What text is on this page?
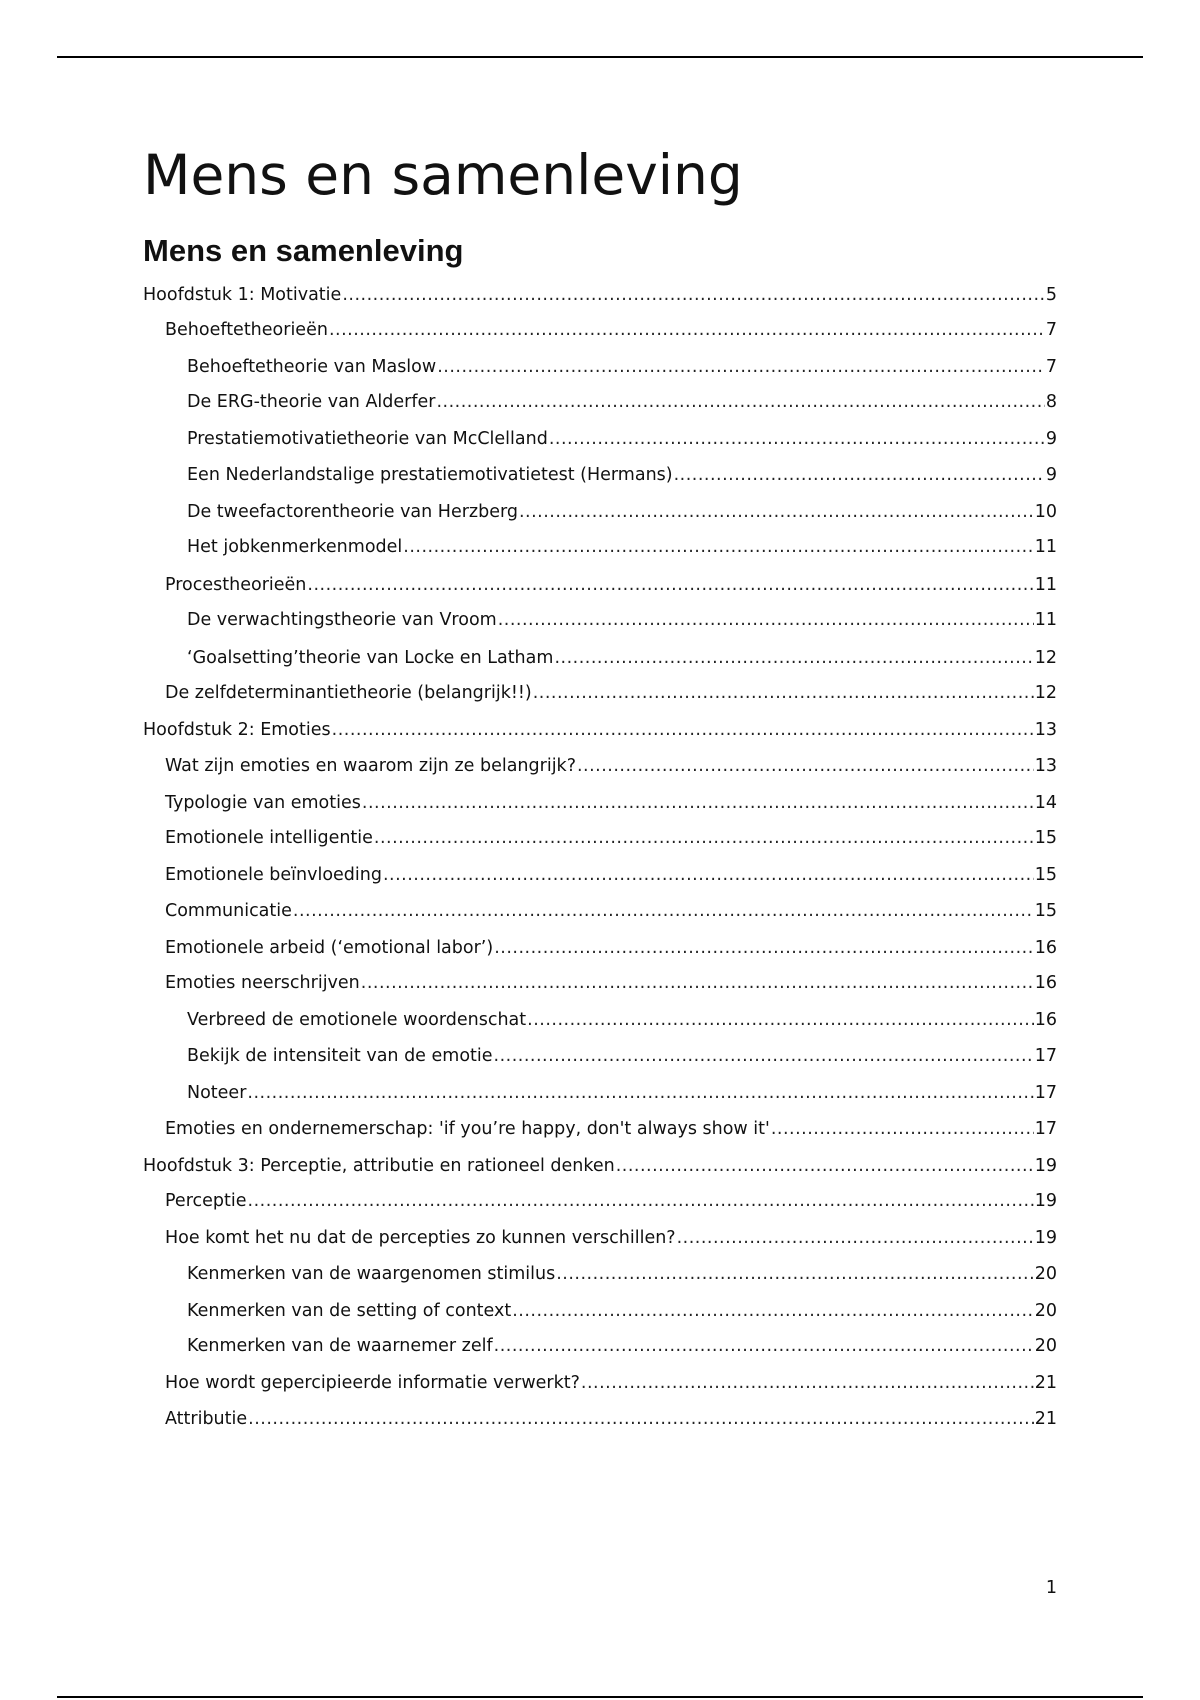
Mens en samenleving
Mens en samenleving
Hoofdstuk 1: Motivatie .....	5
Behoeftetheorieën .....	7
Behoeftetheorie van Maslow .....	7
De ERG-theorie van Alderfer .....	8
Prestatiemotivatietheorie van McClelland .....	9
Een Nederlandstalige prestatiemotivatietest (Hermans) .....	9
De tweefactorentheorie van Herzberg .....	10
Het jobkenmerkenmodel .....	11
Procestheorieën .....	11
De verwachtingstheorie van Vroom .....	11
‘Goalsetting’theorie van Locke en Latham .....	12
De zelfdeterminantietheorie (belangrijk!!) .....	12
Hoofdstuk 2: Emoties .....	13
Wat zijn emoties en waarom zijn ze belangrijk? .....	13
Typologie van emoties .....	14
Emotionele intelligentie .....	15
Emotionele beïnvloeding .....	15
Communicatie .....	15
Emotionele arbeid (‘emotional labor’) .....	16
Emoties neerschrijven .....	16
Verbreed de emotionele woordenschat .....	16
Bekijk de intensiteit van de emotie .....	17
Noteer .....	17
Emoties en ondernemerschap: 'if you’re happy, don't always show it' .....	17
Hoofdstuk 3: Perceptie, attributie en rationeel denken .....	19
Perceptie .....	19
Hoe komt het nu dat de percepties zo kunnen verschillen? .....	19
Kenmerken van de waargenomen stimilus .....	20
Kenmerken van de setting of context .....	20
Kenmerken van de waarnemer zelf .....	20
Hoe wordt gepercipieerde informatie verwerkt? .....	21
Attributie .....	21
1
